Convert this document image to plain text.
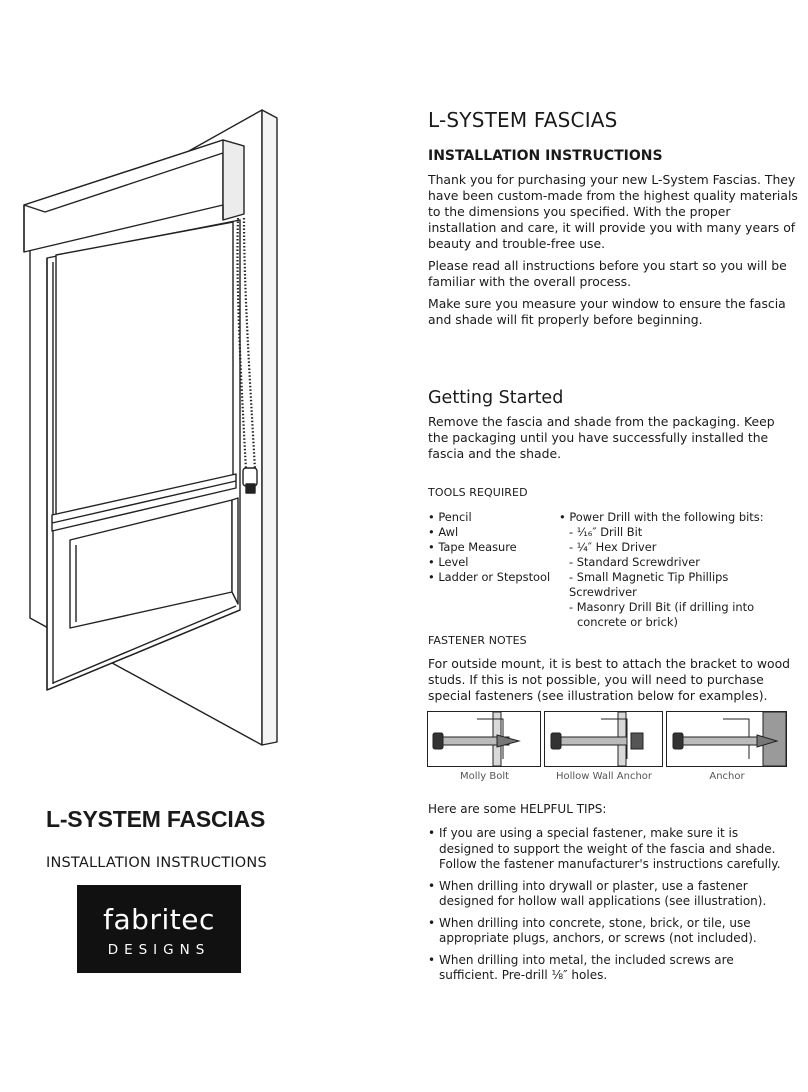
L-SYSTEM FASCIAS
INSTALLATION INSTRUCTIONS
Thank you for purchasing your new L-System Fascias. They have been custom-made from the highest quality materials to the dimensions you specified. With the proper installation and care, it will provide you with many years of beauty and trouble-free use.
Please read all instructions before you start so you will be familiar with the overall process.
Make sure you measure your window to ensure the fascia and shade will fit properly before beginning.
Getting Started
Remove the fascia and shade from the packaging. Keep the packaging until you have successfully installed the fascia and the shade.
TOOLS REQUIRED
• Pencil
• Awl
• Tape Measure
• Level
• Ladder or Stepstool
• Power Drill with the following bits:
- ⅟₁₆″ Drill Bit
- ¼″ Hex Driver
- Standard Screwdriver
- Small Magnetic Tip Phillips Screwdriver
- Masonry Drill Bit (if drilling into
concrete or brick)
FASTENER NOTES
For outside mount, it is best to attach the bracket to wood studs. If this is not possible, you will need to purchase special fasteners (see illustration below for examples).
Molly Bolt	Hollow Wall Anchor	Anchor
Here are some HELPFUL TIPS:
• If you are using a special fastener, make sure it is designed to support the weight of the fascia and shade. Follow the fastener manufacturer's instructions carefully.
• When drilling into drywall or plaster, use a fastener designed for hollow wall applications (see illustration).
• When drilling into concrete, stone, brick, or tile, use appropriate plugs, anchors, or screws (not included).
• When drilling into metal, the included screws are sufficient. Pre-drill ⅛″ holes.
L-SYSTEM FASCIAS
INSTALLATION INSTRUCTIONS
fabritec
DESIGNS
